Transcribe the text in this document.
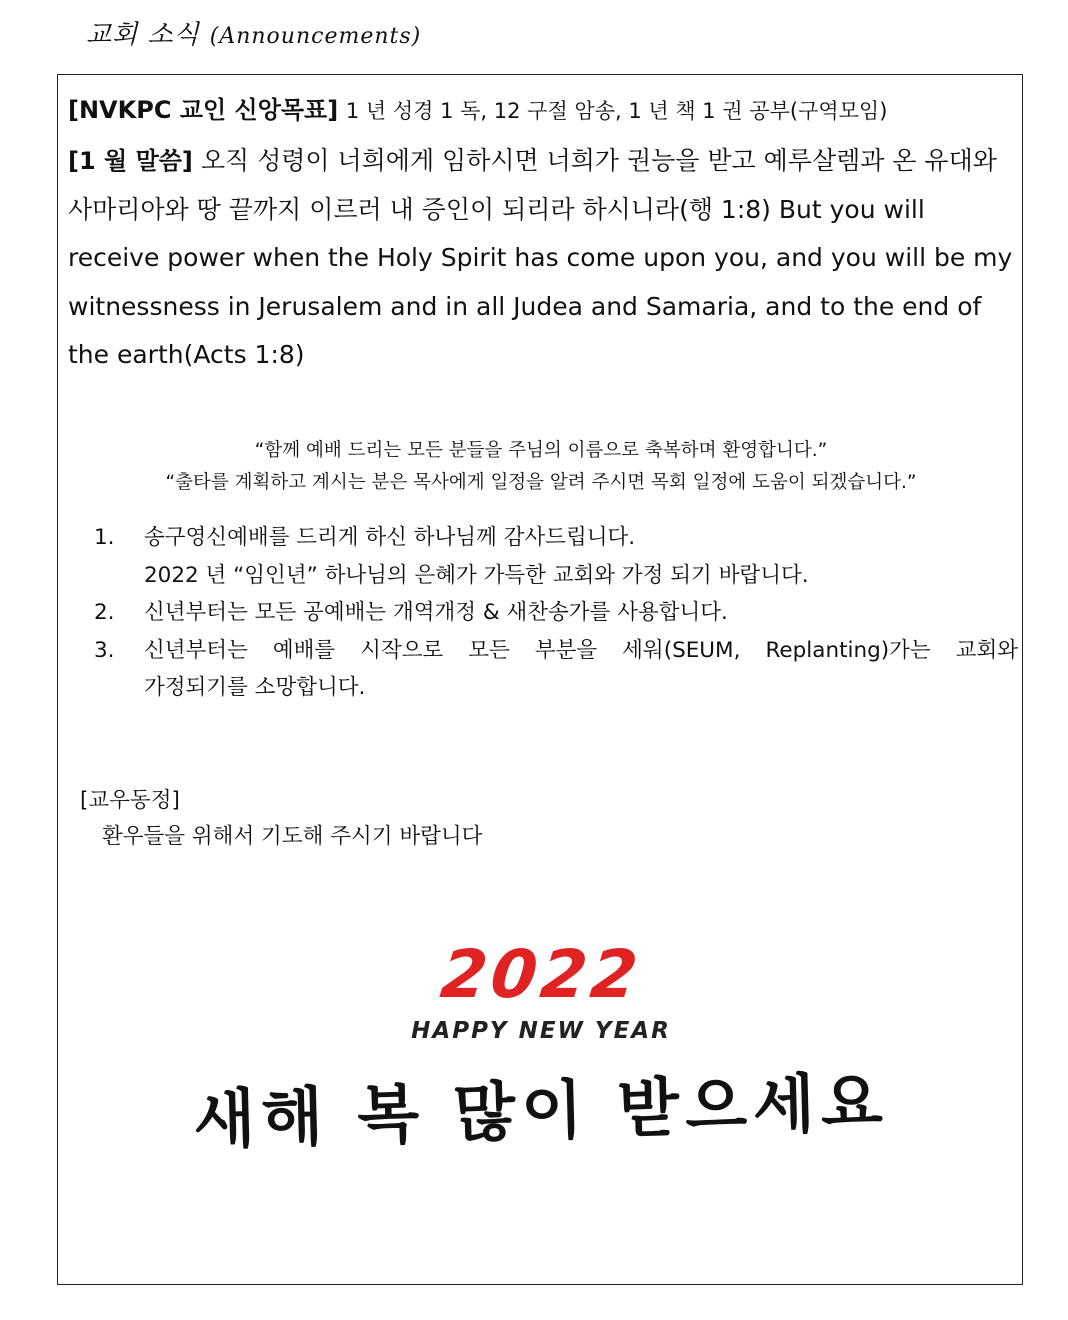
교회 소식 (Announcements)
[NVKPC 교인 신앙목표] 1 년 성경 1 독, 12 구절 암송, 1 년 책 1 권 공부(구역모임)
[1 월 말씀] 오직 성령이 너희에게 임하시면 너희가 권능을 받고 예루살렘과 온 유대와 사마리아와 땅 끝까지 이르러 내 증인이 되리라 하시니라(행 1:8) But you will receive power when the Holy Spirit has come upon you, and you will be my witnessness in Jerusalem and in all Judea and Samaria, and to the end of the earth(Acts 1:8)
“함께 예배 드리는 모든 분들을 주님의 이름으로 축복하며 환영합니다.”
“출타를 계획하고 계시는 분은 목사에게 일정을 알려 주시면 목회 일정에 도움이 되겠습니다.”
1. 송구영신예배를 드리게 하신 하나님께 감사드립니다.
2022 년 “임인년” 하나님의 은혜가 가득한 교회와 가정 되기 바랍니다.
2. 신년부터는 모든 공예배는 개역개정 & 새찬송가를 사용합니다.
3. 신년부터는 예배를 시작으로 모든 부분을 세워(SEUM, Replanting)가는 교회와
가정되기를 소망합니다.
[교우동정]
환우들을 위해서 기도해 주시기 바랍니다
2022
HAPPY NEW YEAR
새해 복 많이 받으세요
